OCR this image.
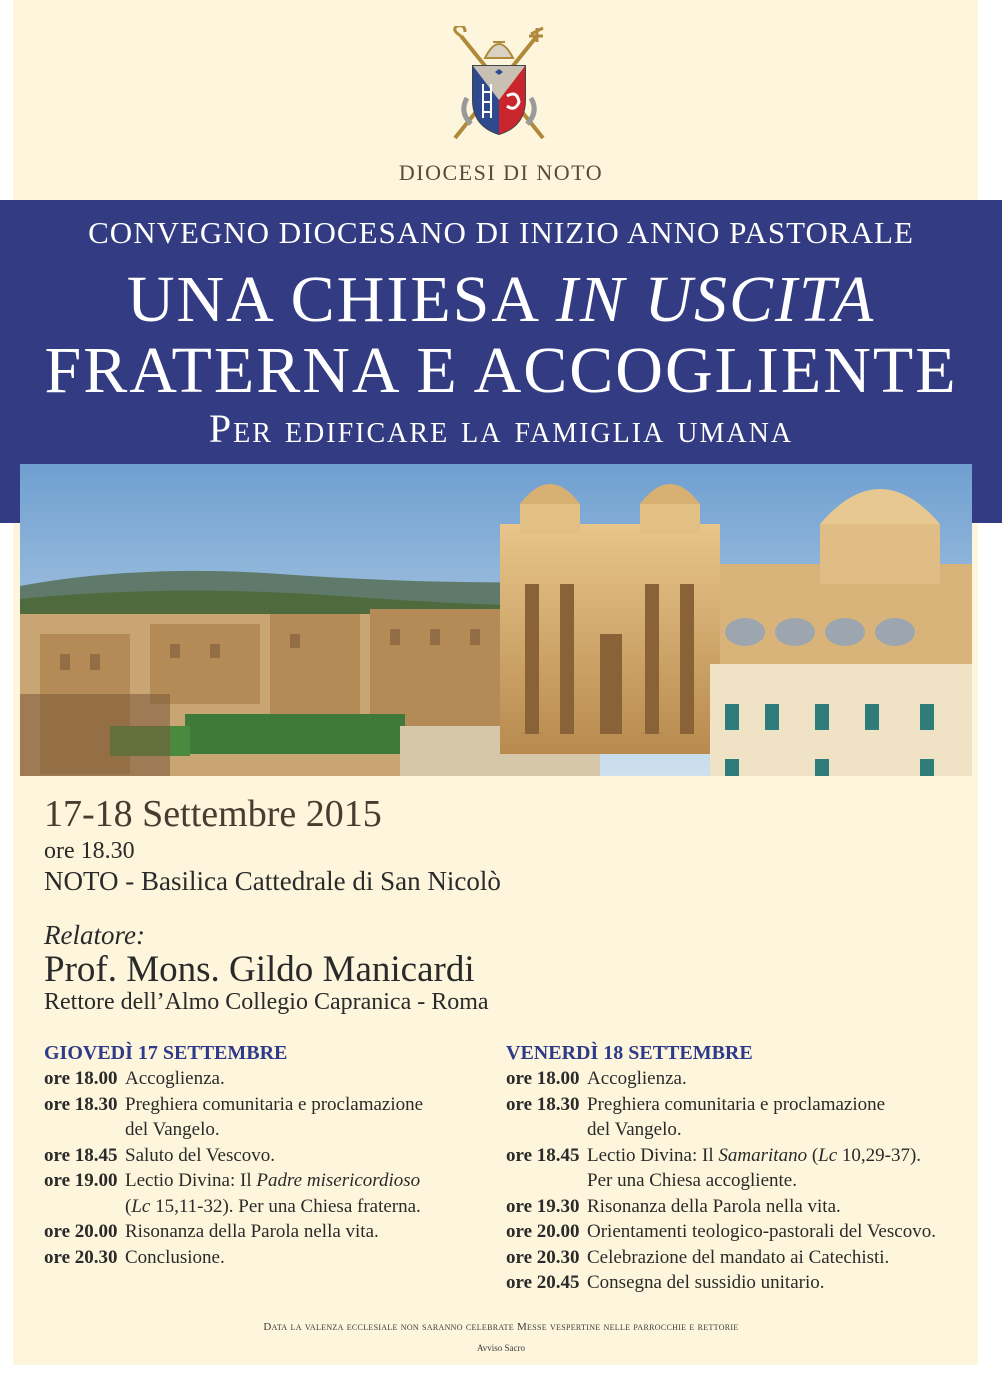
DIOCESI DI NOTO
CONVEGNO DIOCESANO DI INIZIO ANNO PASTORALE
UNA CHIESA IN USCITA
FRATERNA E ACCOGLIENTE
Per edificare la famiglia umana
17-18 Settembre 2015
ore 18.30
NOTO - Basilica Cattedrale di San Nicolò
Relatore:
Prof. Mons. Gildo Manicardi
Rettore dell’Almo Collegio Capranica - Roma
GIOVEDÌ 17 SETTEMBRE
ore 18.00 Accoglienza.
ore 18.30 Preghiera comunitaria e proclamazione
del Vangelo.
ore 18.45 Saluto del Vescovo.
ore 19.00 Lectio Divina: Il Padre misericordioso
(Lc 15,11-32). Per una Chiesa fraterna.
ore 20.00 Risonanza della Parola nella vita.
ore 20.30 Conclusione.
VENERDÌ 18 SETTEMBRE
ore 18.00 Accoglienza.
ore 18.30 Preghiera comunitaria e proclamazione
del Vangelo.
ore 18.45 Lectio Divina: Il Samaritano (Lc 10,29-37).
Per una Chiesa accogliente.
ore 19.30 Risonanza della Parola nella vita.
ore 20.00 Orientamenti teologico-pastorali del Vescovo.
ore 20.30 Celebrazione del mandato ai Catechisti.
ore 20.45 Consegna del sussidio unitario.
Data la valenza ecclesiale non saranno celebrate Messe vespertine nelle parrocchie e rettorie
Avviso Sacro
